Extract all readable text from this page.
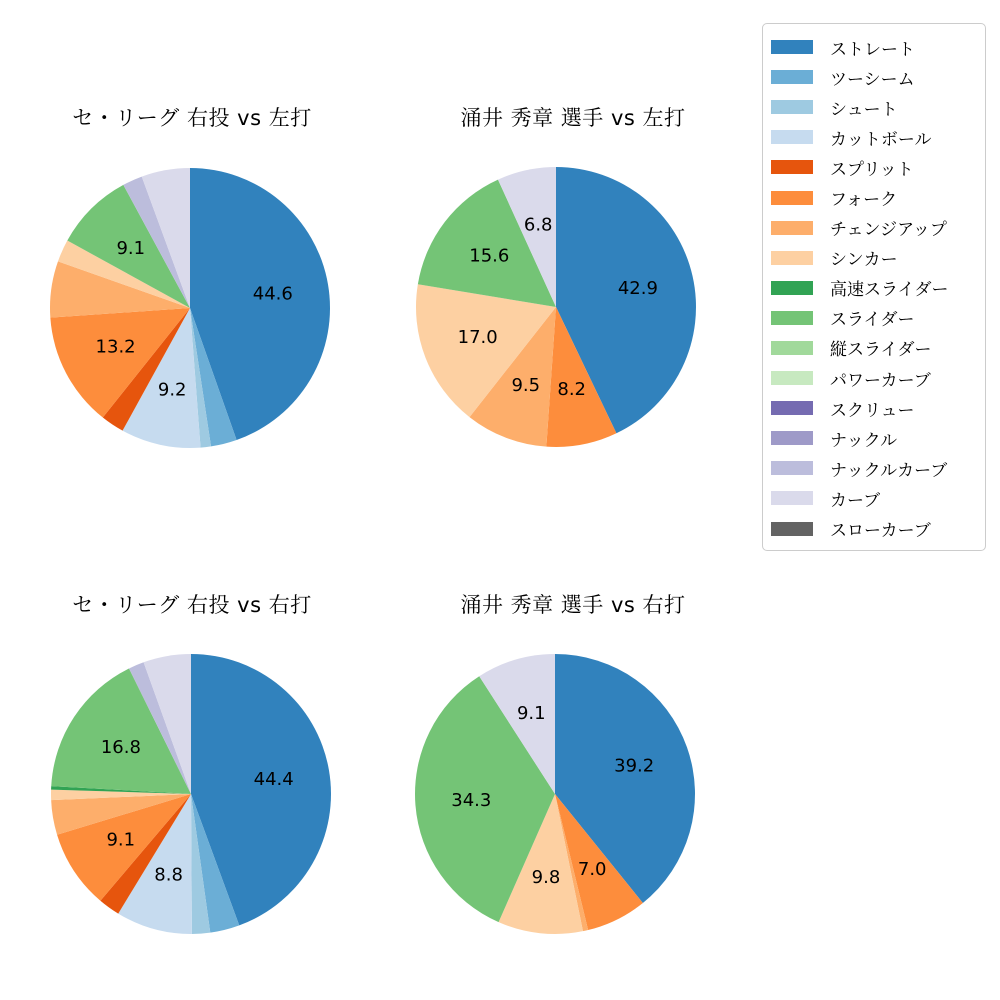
セ・リーグ 右投 vs 左打
44.6
9.2
13.2
9.1
涌井 秀章 選手 vs 左打
42.9
8.2
9.5
17.0
15.6
6.8
セ・リーグ 右投 vs 右打
44.4
8.8
9.1
16.8
涌井 秀章 選手 vs 右打
39.2
7.0
9.8
34.3
9.1
ストレート
ツーシーム
シュート
カットボール
スプリット
フォーク
チェンジアップ
シンカー
高速スライダー
スライダー
縦スライダー
パワーカーブ
スクリュー
ナックル
ナックルカーブ
カーブ
スローカーブ
